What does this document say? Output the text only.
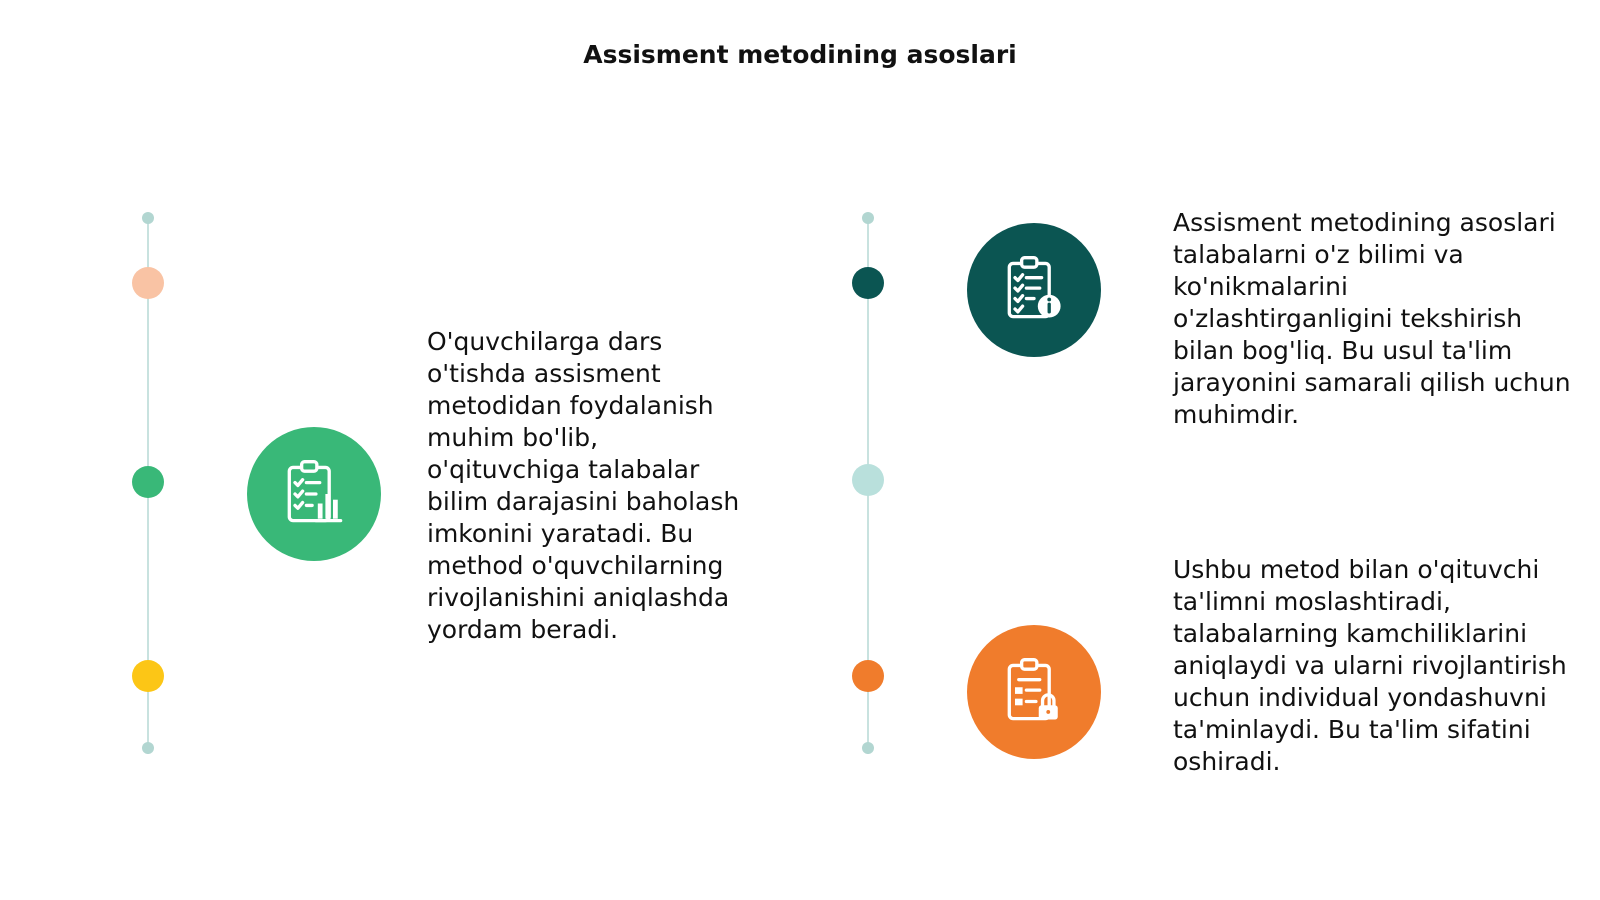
Assisment metodining asoslari

O'quvchilarga dars o'tishda assisment metodidan foydalanish muhim bo'lib, o'qituvchiga talabalar bilim darajasini baholash imkonini yaratadi. Bu method o'quvchilarning rivojlanishini aniqlashda yordam beradi.

Assisment metodining asoslari talabalarni o'z bilimi va ko'nikmalarini o'zlashtirganligini tekshirish bilan bog'liq. Bu usul ta'lim jarayonini samarali qilish uchun muhimdir.

Ushbu metod bilan o'qituvchi ta'limni moslashtiradi, talabalarning kamchiliklarini aniqlaydi va ularni rivojlantirish uchun individual yondashuvni ta'minlaydi. Bu ta'lim sifatini oshiradi.
